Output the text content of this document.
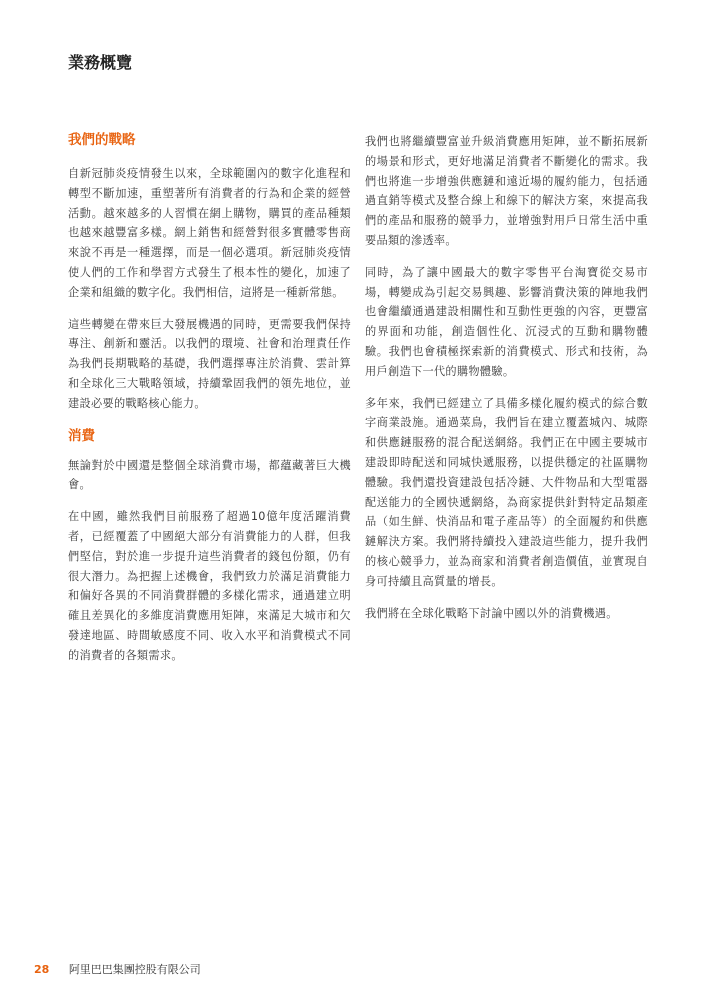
業務概覽
我們的戰略

自新冠肺炎疫情發生以來，全球範圍內的數字化進程和轉型不斷加速，重塑著所有消費者的行為和企業的經營活動。越來越多的人習慣在網上購物，購買的產品種類也越來越豐富多樣。網上銷售和經營對很多實體零售商來說不再是一種選擇，而是一個必選項。新冠肺炎疫情使人們的工作和學習方式發生了根本性的變化，加速了企業和組織的數字化。我們相信，這將是一種新常態。

這些轉變在帶來巨大發展機遇的同時，更需要我們保持專注、創新和靈活。以我們的環境、社會和治理責任作為我們長期戰略的基礎，我們選擇專注於消費、雲計算和全球化三大戰略領域，持續鞏固我們的領先地位，並建設必要的戰略核心能力。

消費

無論對於中國還是整個全球消費市場，都蘊藏著巨大機會。

在中國，雖然我們目前服務了超過10億年度活躍消費者，已經覆蓋了中國絕大部分有消費能力的人群，但我們堅信，對於進一步提升這些消費者的錢包份額，仍有很大潛力。為把握上述機會，我們致力於滿足消費能力和偏好各異的不同消費群體的多樣化需求，通過建立明確且差異化的多維度消費應用矩陣，來滿足大城市和欠發達地區、時間敏感度不同、收入水平和消費模式不同的消費者的各類需求。

我們也將繼續豐富並升級消費應用矩陣，並不斷拓展新的場景和形式，更好地滿足消費者不斷變化的需求。我們也將進一步增強供應鏈和遠近場的履約能力，包括通過直銷等模式及整合線上和線下的解決方案，來提高我們的產品和服務的競爭力，並增強對用戶日常生活中重要品類的滲透率。

同時，為了讓中國最大的數字零售平台淘寶從交易市場，轉變成為引起交易興趣、影響消費決策的陣地我們也會繼續通過建設相關性和互動性更強的內容，更豐富的界面和功能，創造個性化、沉浸式的互動和購物體驗。我們也會積極探索新的消費模式、形式和技術，為用戶創造下一代的購物體驗。

多年來，我們已經建立了具備多樣化履約模式的綜合數字商業設施。通過菜鳥，我們旨在建立覆蓋城內、城際和供應鏈服務的混合配送網絡。我們正在中國主要城市建設即時配送和同城快遞服務，以提供穩定的社區購物體驗。我們還投資建設包括冷鏈、大件物品和大型電器配送能力的全國快遞網絡，為商家提供針對特定品類產品（如生鮮、快消品和電子產品等）的全面履約和供應鏈解決方案。我們將持續投入建設這些能力，提升我們的核心競爭力，並為商家和消費者創造價值，並實現自身可持續且高質量的增長。

我們將在全球化戰略下討論中國以外的消費機遇。

28 阿里巴巴集團控股有限公司
